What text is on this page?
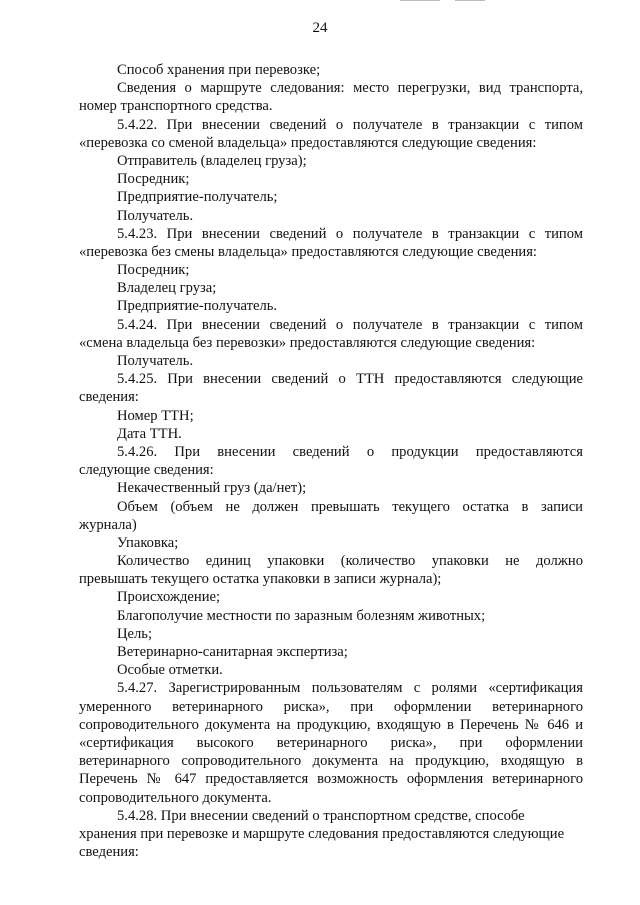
24
Способ хранения при перевозке;
Сведения о маршруте следования: место перегрузки, вид транспорта,
номер транспортного средства.
5.4.22. При внесении сведений о получателе в транзакции с типом
«перевозка со сменой владельца» предоставляются следующие сведения:
Отправитель (владелец груза);
Посредник;
Предприятие-получатель;
Получатель.
5.4.23. При внесении сведений о получателе в транзакции с типом
«перевозка без смены владельца» предоставляются следующие сведения:
Посредник;
Владелец груза;
Предприятие-получатель.
5.4.24. При внесении сведений о получателе в транзакции с типом
«смена владельца без перевозки» предоставляются следующие сведения:
Получатель.
5.4.25. При внесении сведений о ТТН предоставляются следующие
сведения:
Номер ТТН;
Дата ТТН.
5.4.26. При внесении сведений о продукции предоставляются
следующие сведения:
Некачественный груз (да/нет);
Объем (объем не должен превышать текущего остатка в записи
журнала)
Упаковка;
Количество единиц упаковки (количество упаковки не должно
превышать текущего остатка упаковки в записи журнала);
Происхождение;
Благополучие местности по заразным болезням животных;
Цель;
Ветеринарно-санитарная экспертиза;
Особые отметки.
5.4.27. Зарегистрированным пользователям с ролями «сертификация
умеренного ветеринарного риска», при оформлении ветеринарного
сопроводительного документа на продукцию, входящую в Перечень № 646 и
«сертификация высокого ветеринарного риска», при оформлении
ветеринарного сопроводительного документа на продукцию, входящую в
Перечень № 647 предоставляется возможность оформления ветеринарного
сопроводительного документа.
5.4.28. При внесении сведений о транспортном средстве, способе
хранения при перевозке и маршруте следования предоставляются следующие
сведения:
